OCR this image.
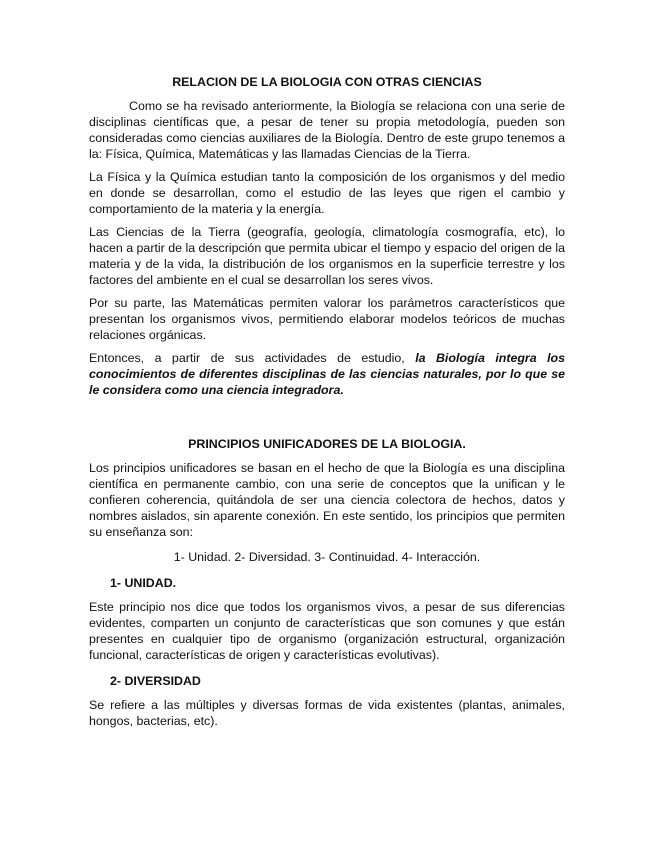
RELACION DE LA BIOLOGIA CON OTRAS CIENCIAS

Como se ha revisado anteriormente, la Biología se relaciona con una serie de disciplinas científicas que, a pesar de tener su propia metodología, pueden son consideradas como ciencias auxiliares de la Biología. Dentro de este grupo tenemos a la: Física, Química, Matemáticas y las llamadas Ciencias de la Tierra.

La Física y la Química estudian tanto la composición de los organismos y del medio en donde se desarrollan, como el estudio de las leyes que rigen el cambio y comportamiento de la materia y la energía.

Las Ciencias de la Tierra (geografía, geología, climatología cosmografía, etc), lo hacen a partir de la descripción que permita ubicar el tiempo y espacio del origen de la materia y de la vida, la distribución de los organismos en la superficie terrestre y los factores del ambiente en el cual se desarrollan los seres vivos.

Por su parte, las Matemáticas permiten valorar los parámetros característicos que presentan los organismos vivos, permitiendo elaborar modelos teóricos de muchas relaciones orgánicas.

Entonces, a partir de sus actividades de estudio, la Biología integra los conocimientos de diferentes disciplinas de las ciencias naturales, por lo que se le considera como una ciencia integradora.

PRINCIPIOS UNIFICADORES DE LA BIOLOGIA.

Los principios unificadores se basan en el hecho de que la Biología es una disciplina científica en permanente cambio, con una serie de conceptos que la unifican y le confieren coherencia, quitándola de ser una ciencia colectora de hechos, datos y nombres aislados, sin aparente conexión. En este sentido, los principios que permiten su enseñanza son:

1- Unidad. 2- Diversidad. 3- Continuidad. 4- Interacción.

1- UNIDAD.

Este principio nos dice que todos los organismos vivos, a pesar de sus diferencias evidentes, comparten un conjunto de características que son comunes y que están presentes en cualquier tipo de organismo (organización estructural, organización funcional, características de origen y características evolutivas).

2- DIVERSIDAD

Se refiere a las múltiples y diversas formas de vida existentes (plantas, animales, hongos, bacterias, etc).
